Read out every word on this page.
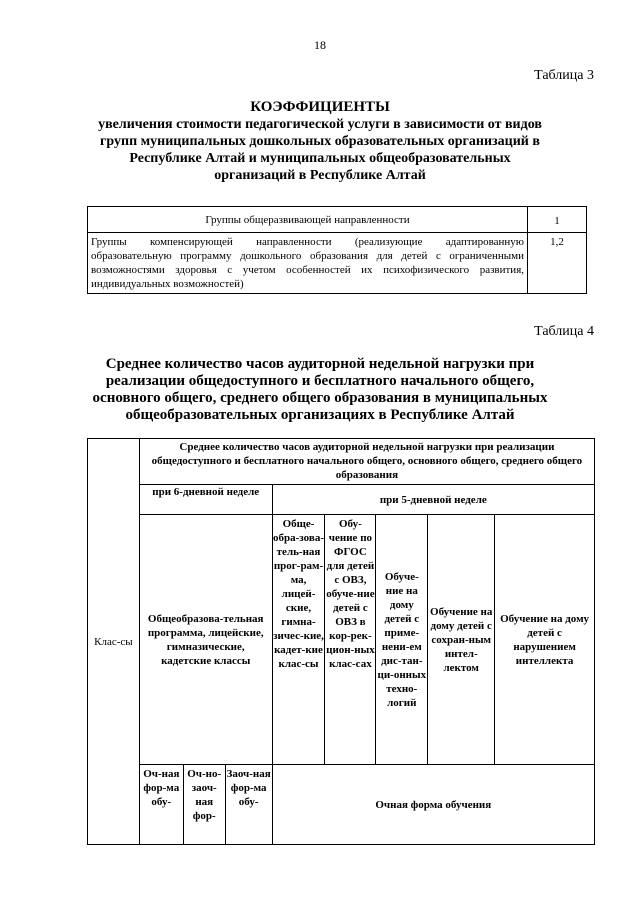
18
Таблица 3
КОЭФФИЦИЕНТЫ
увеличения стоимости педагогической услуги в зависимости от видов групп муниципальных дошкольных образовательных организаций в Республике Алтай и муниципальных общеобразовательных организаций в Республике Алтай
Группы общеразвивающей направленности	1
Группы компенсирующей направленности (реализующие адаптированную образовательную программу дошкольного образования для детей с ограниченными возможностями здоровья с учетом особенностей их психофизического развития, индивидуальных возможностей)	1,2
Таблица 4
Среднее количество часов аудиторной недельной нагрузки при реализации общедоступного и бесплатного начального общего, основного общего, среднего общего образования в муниципальных общеобразовательных организациях в Республике Алтай
Клас-сы	Среднее количество часов аудиторной недельной нагрузки при реализации общедоступного и бесплатного начального общего, основного общего, среднего общего образования							
	при 6-дневной неделе			при 5-дневной неделе				
	Общеобразова-тельная программа, лицейские, гимназические, кадетские классы			Обще-обра-зова-тель-ная прог-рам-ма, лицей-ские, гимна-зичес-кие, кадет-кие клас-сы	Обу-чение по ФГОС для детей с ОВЗ, обуче-ние детей с ОВЗ в кор-рек-цион-ных клас-сах	Обуче-ние на дому детей с приме-нени-ем дис-тан-ци-онных техно-логий	Обучение на дому детей с сохран-ным интел-лектом	Обучение на дому детей с нарушением интеллекта
	Оч-ная фор-ма обу-	Оч-но-заоч-ная фор-	Заоч-ная фор-ма обу-	Очная форма обучения				
